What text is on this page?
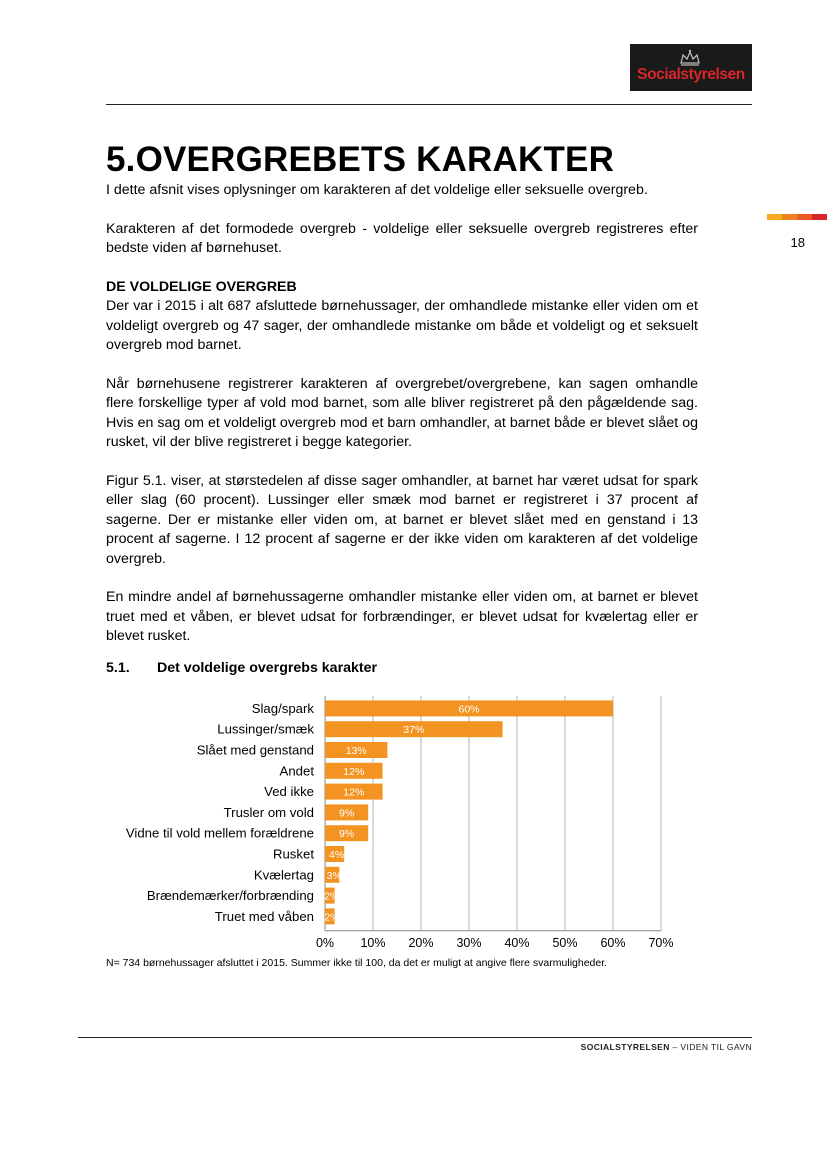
Socialstyrelsen
18
5.OVERGREBETS KARAKTER

I dette afsnit vises oplysninger om karakteren af det voldelige eller seksuelle overgreb.

Karakteren af det formodede overgreb - voldelige eller seksuelle overgreb registreres efter bedste viden af børnehuset.

DE VOLDELIGE OVERGREB

Der var i 2015 i alt 687 afsluttede børnehussager, der omhandlede mistanke eller viden om et voldeligt overgreb og 47 sager, der omhandlede mistanke om både et voldeligt og et seksuelt overgreb mod barnet.

Når børnehusene registrerer karakteren af overgrebet/overgrebene, kan sagen omhandle flere forskellige typer af vold mod barnet, som alle bliver registreret på den pågældende sag. Hvis en sag om et voldeligt overgreb mod et barn omhandler, at barnet både er blevet slået og rusket, vil der blive registreret i begge kategorier.

Figur 5.1. viser, at størstedelen af disse sager omhandler, at barnet har været udsat for spark eller slag (60 procent). Lussinger eller smæk mod barnet er registreret i 37 procent af sagerne. Der er mistanke eller viden om, at barnet er blevet slået med en genstand i 13 procent af sagerne. I 12 procent af sagerne er der ikke viden om karakteren af det voldelige overgreb.

En mindre andel af børnehussagerne omhandler mistanke eller viden om, at barnet er blevet truet med et våben, er blevet udsat for forbrændinger, er blevet udsat for kvælertag eller er blevet rusket.

5.1. Det voldelige overgrebs karakter
0% 10% 20% 30% 40% 50% 60% 70%
Slag/spark	60%
Lussinger/smæk	37%
Slået med genstand	13%
Andet	12%
Ved ikke	12%
Trusler om vold 9%
Vidne til vold mellem forældrene 9%
Rusket 4%
Kvælertag 3%
Brændemærker/forbrænding 2%
Truet med våben 2%
N= 734 børnehussager afsluttet i 2015. Summer ikke til 100, da det er muligt at angive flere svarmuligheder.
SOCIALSTYRELSEN – VIDEN TIL GAVN
